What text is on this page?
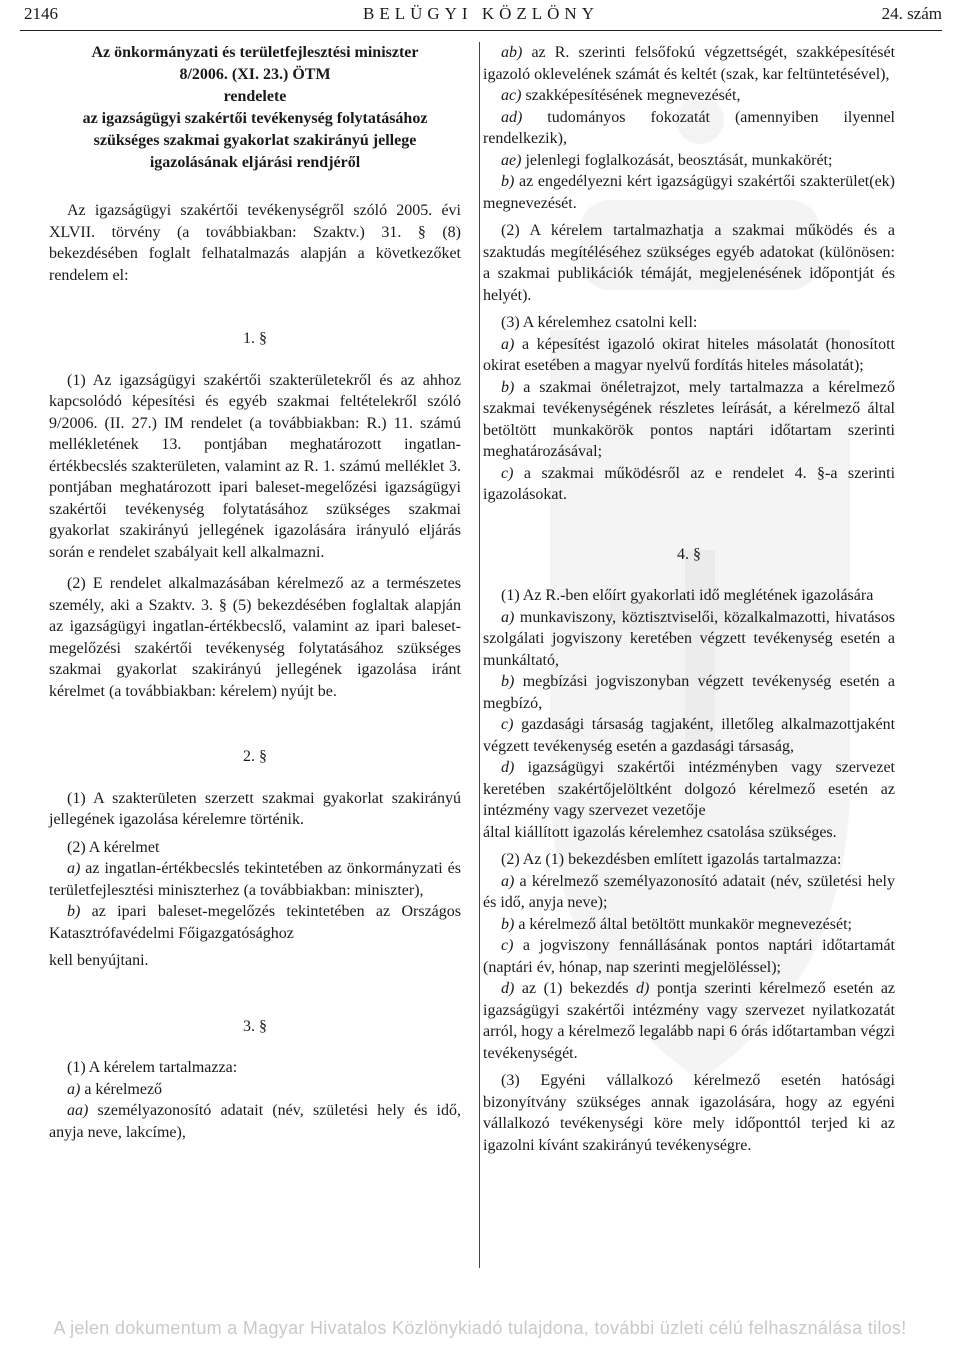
2146	BELÜGYI KÖZLÖNY	24. szám

Az önkormányzati és területfejlesztési miniszter

8/2006. (XI. 23.) ÖTM

rendelete

az igazságügyi szakértői tevékenység folytatásához

szükséges szakmai gyakorlat szakirányú jellege

igazolásának eljárási rendjéről

Az igazságügyi szakértői tevékenységről szóló 2005. évi XLVII. törvény (a továbbiakban: Szaktv.) 31. § (8) bekezdésében foglalt felhatalmazás alapján a következőket rendelem el:

1. §

(1) Az igazságügyi szakértői szakterületekről és az ahhoz kapcsolódó képesítési és egyéb szakmai feltételekről szóló 9/2006. (II. 27.) IM rendelet (a továbbiakban: R.) 11. számú mellékletének 13. pontjában meghatározott ingatlan-értékbecslés szakterületen, valamint az R. 1. számú melléklet 3. pontjában meghatározott ipari baleset-megelőzési igazságügyi szakértői tevékenység folytatásához szükséges szakmai gyakorlat szakirányú jellegének igazolására irányuló eljárás során e rendelet szabályait kell alkalmazni.

(2) E rendelet alkalmazásában kérelmező az a természetes személy, aki a Szaktv. 3. § (5) bekezdésében foglaltak alapján az igazságügyi ingatlan-értékbecslő, valamint az ipari baleset-megelőzési szakértői tevékenység folytatásához szükséges szakmai gyakorlat szakirányú jellegének igazolása iránt kérelmet (a továbbiakban: kérelem) nyújt be.

2. §

(1) A szakterületen szerzett szakmai gyakorlat szakirányú jellegének igazolása kérelemre történik.

(2) A kérelmet

a) az ingatlan-értékbecslés tekintetében az önkormányzati és területfejlesztési miniszterhez (a továbbiakban: miniszter),

b) az ipari baleset-megelőzés tekintetében az Országos Katasztrófavédelmi Főigazgatósághoz

kell benyújtani.

3. §

(1) A kérelem tartalmazza:

a) a kérelmező

aa) személyazonosító adatait (név, születési hely és idő, anyja neve, lakcíme),

ab) az R. szerinti felsőfokú végzettségét, szakképesítését igazoló oklevelének számát és keltét (szak, kar feltüntetésével),

ac) szakképesítésének megnevezését,

ad) tudományos fokozatát (amennyiben ilyennel rendelkezik),

ae) jelenlegi foglalkozását, beosztását, munkakörét;

b) az engedélyezni kért igazságügyi szakértői szakterület(ek) megnevezését.

(2) A kérelem tartalmazhatja a szakmai működés és a szaktudás megítéléséhez szükséges egyéb adatokat (különösen: a szakmai publikációk témáját, megjelenésének időpontját és helyét).

(3) A kérelemhez csatolni kell:

a) a képesítést igazoló okirat hiteles másolatát (honosított okirat esetében a magyar nyelvű fordítás hiteles másolatát);

b) a szakmai önéletrajzot, mely tartalmazza a kérelmező szakmai tevékenységének részletes leírását, a kérelmező által betöltött munkakörök pontos naptári időtartam szerinti meghatározásával;

c) a szakmai működésről az e rendelet 4. §-a szerinti igazolásokat.

4. §

(1) Az R.-ben előírt gyakorlati idő meglétének igazolására

a) munkaviszony, köztisztviselői, közalkalmazotti, hivatásos szolgálati jogviszony keretében végzett tevékenység esetén a munkáltató,

b) megbízási jogviszonyban végzett tevékenység esetén a megbízó,

c) gazdasági társaság tagjaként, illetőleg alkalmazottjaként végzett tevékenység esetén a gazdasági társaság,

d) igazságügyi szakértői intézményben vagy szervezet keretében szakértőjelöltként dolgozó kérelmező esetén az intézmény vagy szervezet vezetője

által kiállított igazolás kérelemhez csatolása szükséges.

(2) Az (1) bekezdésben említett igazolás tartalmazza:

a) a kérelmező személyazonosító adatait (név, születési hely és idő, anyja neve);

b) a kérelmező által betöltött munkakör megnevezését;

c) a jogviszony fennállásának pontos naptári időtartamát (naptári év, hónap, nap szerinti megjelöléssel);

d) az (1) bekezdés d) pontja szerinti kérelmező esetén az igazságügyi szakértői intézmény vagy szervezet nyilatkozatát arról, hogy a kérelmező legalább napi 6 órás időtartamban végzi tevékenységét.

(3) Egyéni vállalkozó kérelmező esetén hatósági bizonyítvány szükséges annak igazolására, hogy az egyéni vállalkozó tevékenységi köre mely időponttól terjed ki az igazolni kívánt szakirányú tevékenységre.

A jelen dokumentum a Magyar Hivatalos Közlönykiadó tulajdona, további üzleti célú felhasználása tilos!
